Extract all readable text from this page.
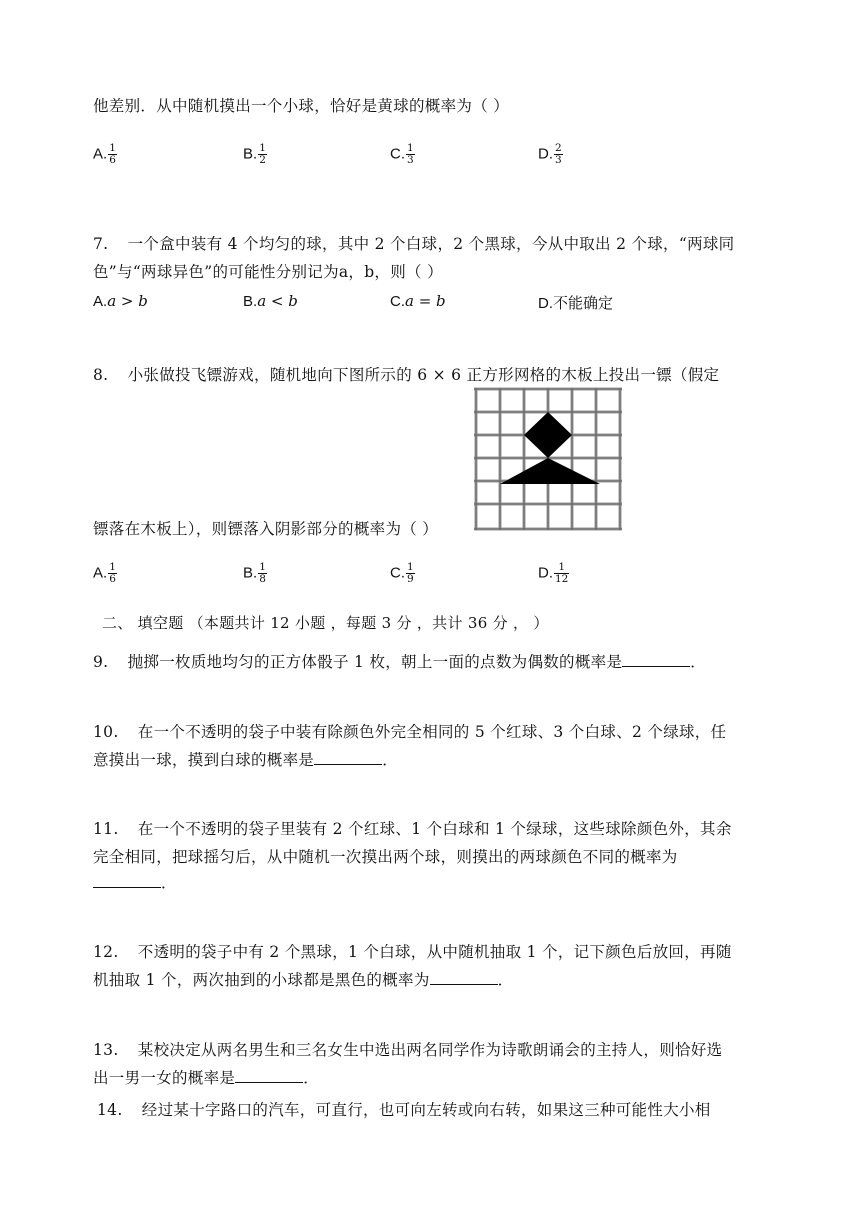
他差别．从中随机摸出一个小球，恰好是黄球的概率为（ ）
A. $\frac{1}{6}$	B. $\frac{1}{2}$	C. $\frac{1}{3}$	D. $\frac{2}{3}$
7. 一个盒中装有 4 个均匀的球，其中 2 个白球，2 个黑球，今从中取出 2 个球，“两球同
色”与“两球异色”的可能性分别记为a，b，则（ ）
A.a > b	B.a < b	C.a = b	D.不能确定
8. 小张做投飞镖游戏，随机地向下图所示的 6 × 6 正方形网格的木板上投出一镖（假定
镖落在木板上），则镖落入阴影部分的概率为（ ）
A. $\frac{1}{6}$	B. $\frac{1}{8}$	C. $\frac{1}{9}$	D. $\frac{1}{12}$
二、 填空题 （本题共计 12 小题 ，每题 3 分 ，共计 36 分 ， ）
9. 抛掷一枚质地均匀的正方体骰子 1 枚，朝上一面的点数为偶数的概率是	．
10. 在一个不透明的袋子中装有除颜色外完全相同的 5 个红球、3 个白球、2 个绿球，任
意摸出一球，摸到白球的概率是	．
11. 在一个不透明的袋子里装有 2 个红球、1 个白球和 1 个绿球，这些球除颜色外，其余
完全相同，把球摇匀后，从中随机一次摸出两个球，则摸出的两球颜色不同的概率为
．
12. 不透明的袋子中有 2 个黑球，1 个白球，从中随机抽取 1 个，记下颜色后放回，再随
机抽取 1 个，两次抽到的小球都是黑色的概率为	．
13. 某校决定从两名男生和三名女生中选出两名同学作为诗歌朗诵会的主持人，则恰好选
出一男一女的概率是	．
14. 经过某十字路口的汽车，可直行，也可向左转或向右转，如果这三种可能性大小相
